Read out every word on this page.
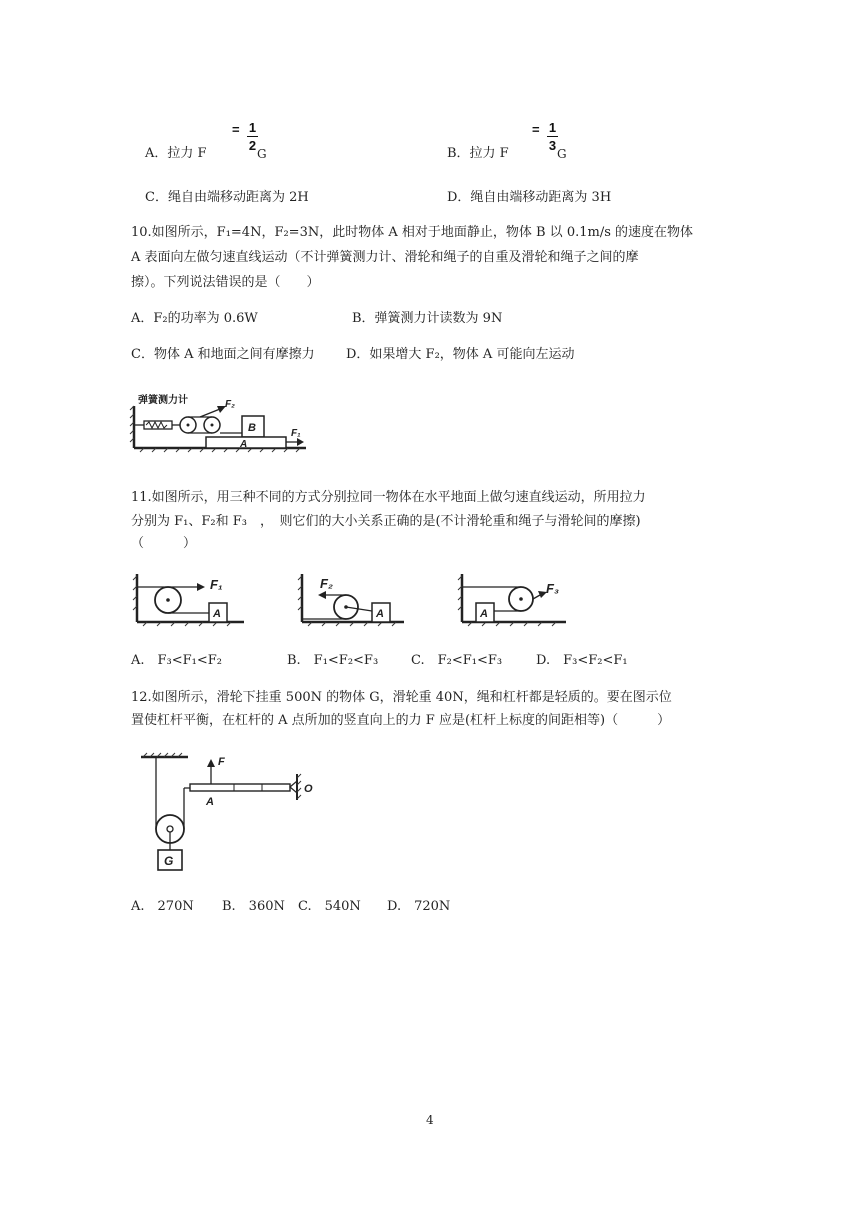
A．拉力 F
= 1
2
G	B．拉力 F
= 1
3
G
C．绳自由端移动距离为 2H	D．绳自由端移动距离为 3H
10.如图所示，F₁=4N，F₂=3N，此时物体 A 相对于地面静止，物体 B 以 0.1m/s 的速度在物体
A 表面向左做匀速直线运动（不计弹簧测力计、滑轮和绳子的自重及滑轮和绳子之间的摩
擦）。下列说法错误的是（　　）
A．F₂的功率为 0.6W	B．弹簧测力计读数为 9N
C．物体 A 和地面之间有摩擦力 D．如果增大 F₂，物体 A 可能向左运动
弹簧测力计	F₂
B
A
F₁
11.如图所示，用三种不同的方式分别拉同一物体在水平地面上做匀速直线运动，所用拉力
分别为 F₁、F₂和 F₃　，　则它们的大小关系正确的是(不计滑轮重和绳子与滑轮间的摩擦)
（　　　）
F₁
A
F₂
A	A
F₃
A.　F₃<F₁<F₂	B.　F₁<F₂<F₃	C.　F₂<F₁<F₃	D.　F₃<F₂<F₁
12.如图所示，滑轮下挂重 500N 的物体 G，滑轮重 40N，绳和杠杆都是轻质的。要在图示位
置使杠杆平衡，在杠杆的 A 点所加的竖直向上的力 F 应是(杠杆上标度的间距相等)（　　　）
G
O
F
A
A.　270N B.　360N C.　540N D.　720N
4
